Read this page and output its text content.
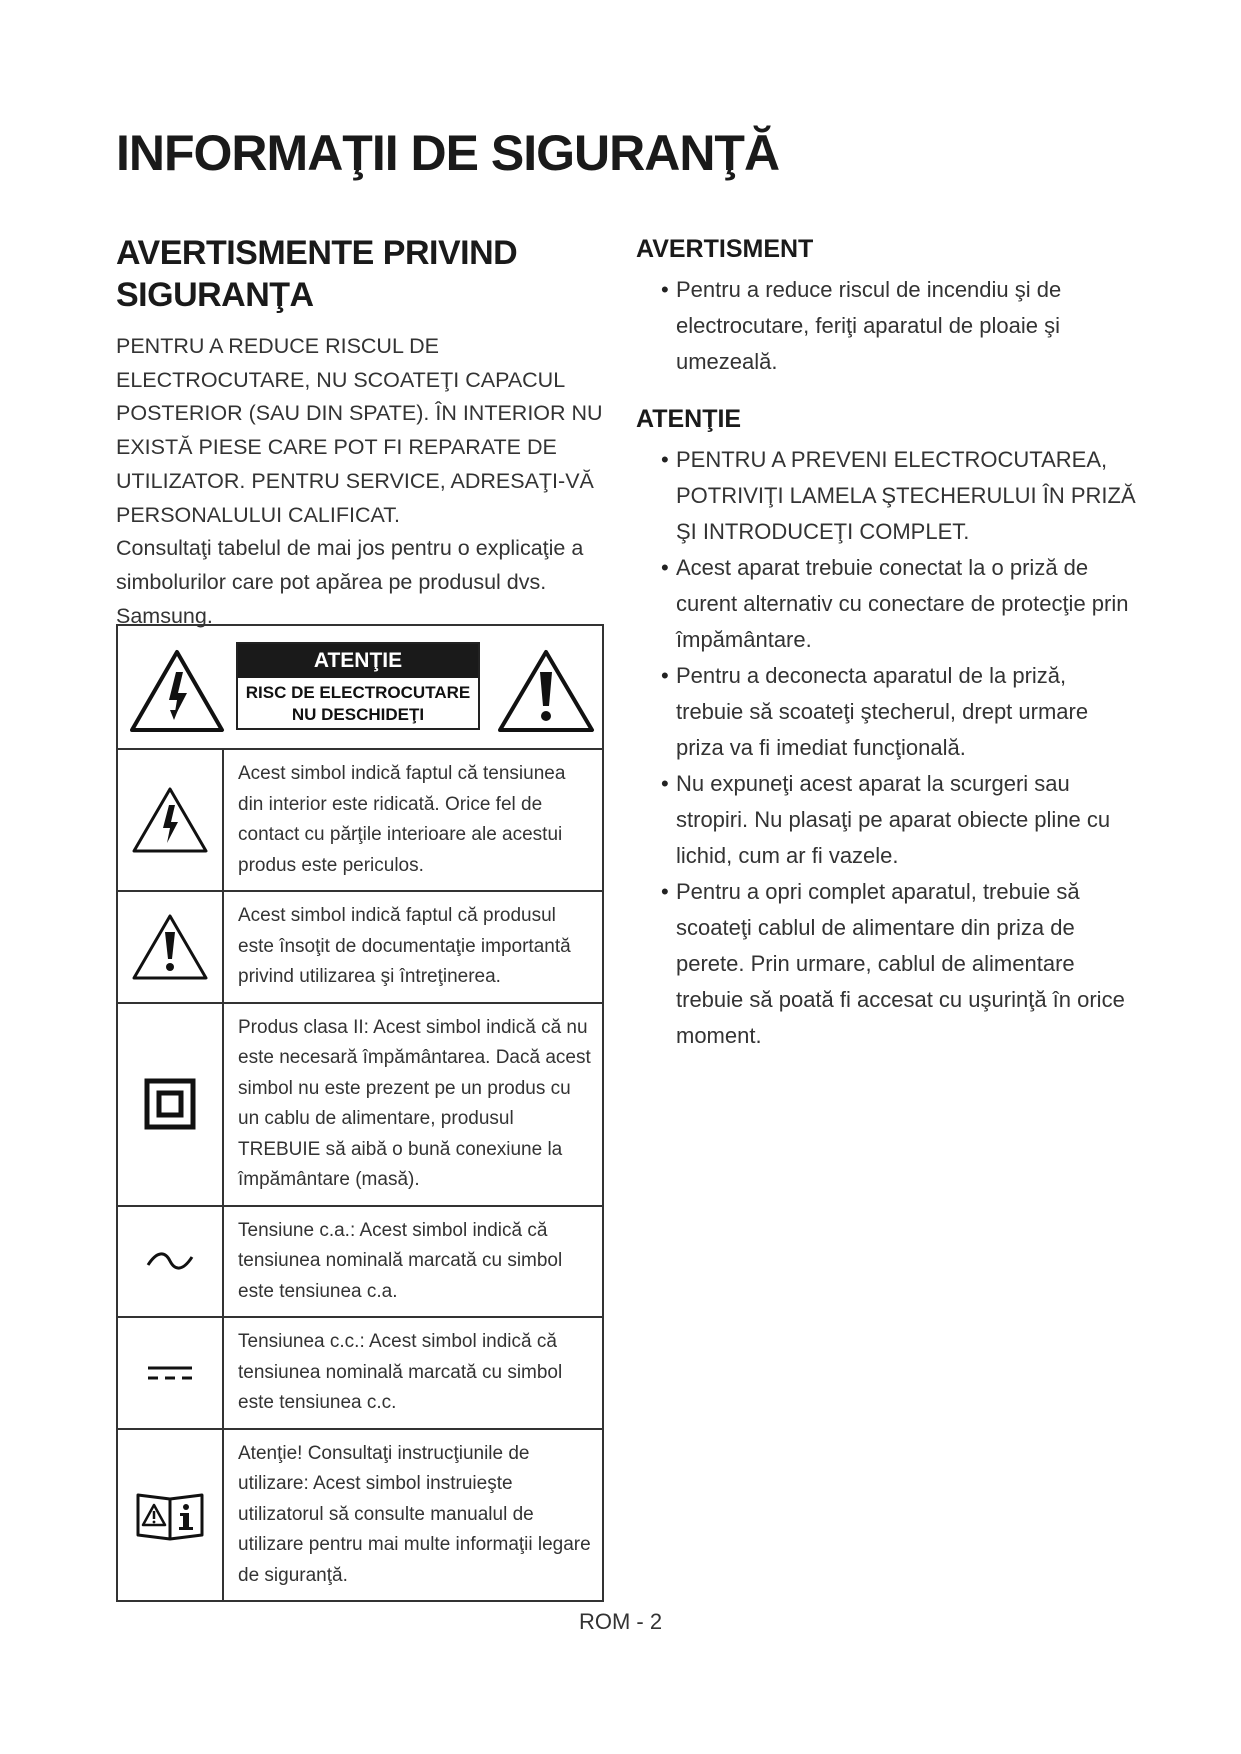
INFORMAŢII DE SIGURANŢĂ
AVERTISMENTE PRIVIND SIGURANŢA
PENTRU A REDUCE RISCUL DE ELECTROCUTARE, NU SCOATEŢI CAPACUL POSTERIOR (SAU DIN SPATE). ÎN INTERIOR NU EXISTĂ PIESE CARE POT FI REPARATE DE UTILIZATOR. PENTRU SERVICE, ADRESAŢI-VĂ PERSONALULUI CALIFICAT.
Consultaţi tabelul de mai jos pentru o explicaţie a simbolurilor care pot apărea pe produsul dvs. Samsung.
ATENŢIE
RISC DE ELECTROCUTARE
NU DESCHIDEŢI
Acest simbol indică faptul că tensiunea din interior este ridicată. Orice fel de contact cu părţile interioare ale acestui produs este periculos.
Acest simbol indică faptul că produsul este însoţit de documentaţie importantă privind utilizarea şi întreţinerea.
Produs clasa II: Acest simbol indică că nu este necesară împământarea. Dacă acest simbol nu este prezent pe un produs cu un cablu de alimentare, produsul TREBUIE să aibă o bună conexiune la împământare (masă).
Tensiune c.a.: Acest simbol indică că tensiunea nominală marcată cu simbol este tensiunea c.a.
Tensiunea c.c.: Acest simbol indică că tensiunea nominală marcată cu simbol este tensiunea c.c.
Atenţie! Consultaţi instrucţiunile de utilizare: Acest simbol instruieşte utilizatorul să consulte manualul de utilizare pentru mai multe informaţii legare de siguranţă.
AVERTISMENT
• Pentru a reduce riscul de incendiu şi de electrocutare, feriţi aparatul de ploaie şi umezeală.
ATENŢIE
• PENTRU A PREVENI ELECTROCUTAREA, POTRIVIŢI LAMELA ŞTECHERULUI ÎN PRIZĂ ŞI INTRODUCEŢI COMPLET.
• Acest aparat trebuie conectat la o priză de curent alternativ cu conectare de protecţie prin împământare.
• Pentru a deconecta aparatul de la priză, trebuie să scoateţi ştecherul, drept urmare priza va fi imediat funcţională.
• Nu expuneţi acest aparat la scurgeri sau stropiri. Nu plasaţi pe aparat obiecte pline cu lichid, cum ar fi vazele.
• Pentru a opri complet aparatul, trebuie să scoateţi cablul de alimentare din priza de perete. Prin urmare, cablul de alimentare trebuie să poată fi accesat cu uşurinţă în orice moment.
ROM - 2
